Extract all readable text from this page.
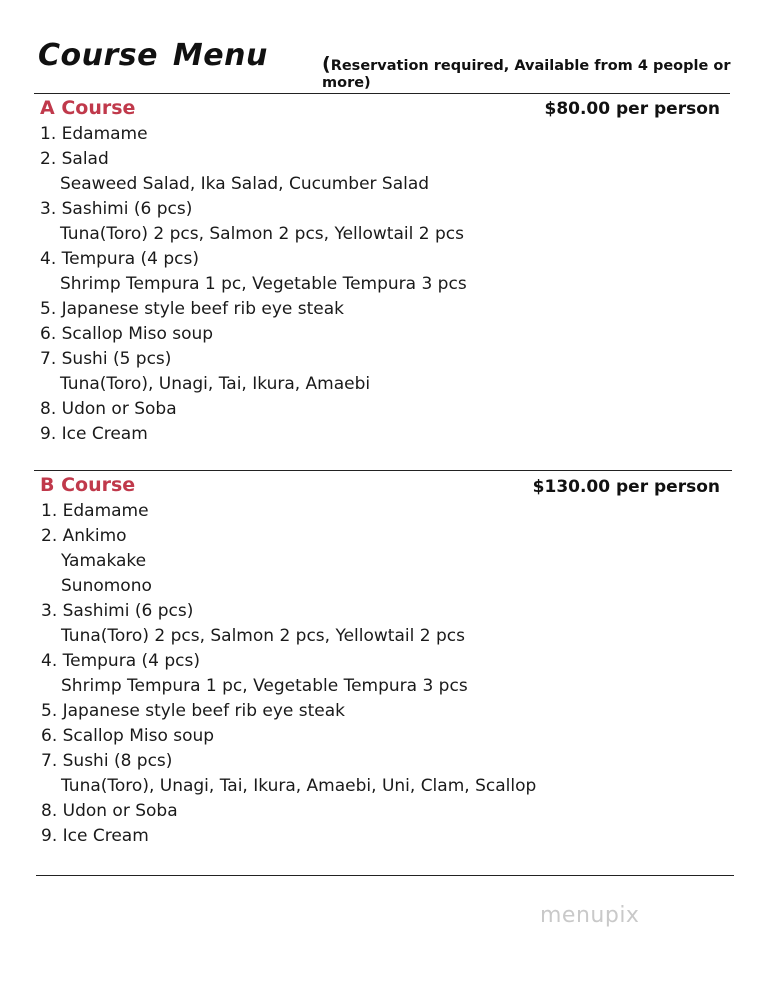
Course Menu	(Reservation required, Available from 4 people or more)
A Course	$80.00 per person
1. Edamame
2. Salad
Seaweed Salad, Ika Salad, Cucumber Salad
3. Sashimi (6 pcs)
Tuna(Toro) 2 pcs, Salmon 2 pcs, Yellowtail 2 pcs
4. Tempura (4 pcs)
Shrimp Tempura 1 pc, Vegetable Tempura 3 pcs
5. Japanese style beef rib eye steak
6. Scallop Miso soup
7. Sushi (5 pcs)
Tuna(Toro), Unagi, Tai, Ikura, Amaebi
8. Udon or Soba
9. Ice Cream
B Course	$130.00 per person
1. Edamame
2. Ankimo
Yamakake
Sunomono
3. Sashimi (6 pcs)
Tuna(Toro) 2 pcs, Salmon 2 pcs, Yellowtail 2 pcs
4. Tempura (4 pcs)
Shrimp Tempura 1 pc, Vegetable Tempura 3 pcs
5. Japanese style beef rib eye steak
6. Scallop Miso soup
7. Sushi (8 pcs)
Tuna(Toro), Unagi, Tai, Ikura, Amaebi, Uni, Clam, Scallop
8. Udon or Soba
9. Ice Cream
menupix
